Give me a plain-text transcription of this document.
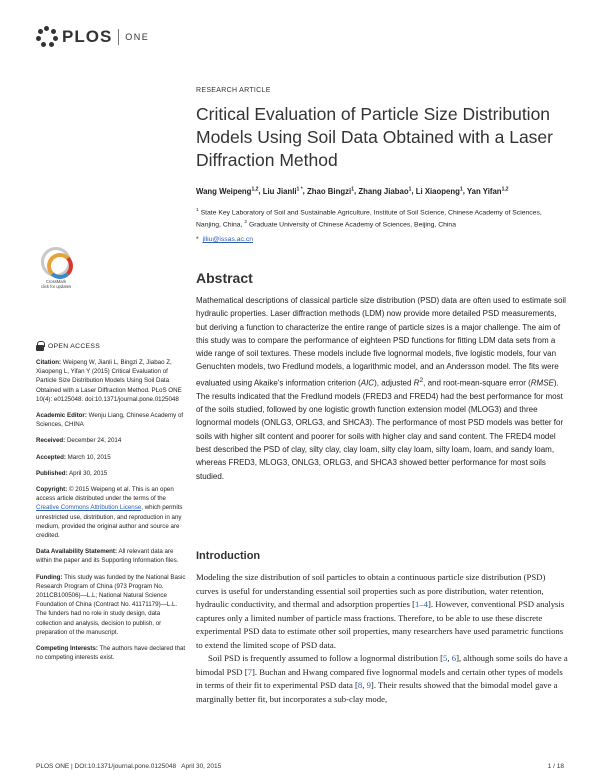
PLOS ONE
RESEARCH ARTICLE
Critical Evaluation of Particle Size Distribution Models Using Soil Data Obtained with a Laser Diffraction Method
Wang Weipeng$^{1,2}$, Liu Jianli$^{1 *}$, Zhao Bingzi$^1$, Zhang Jiabao$^1$, Li Xiaopeng$^1$, Yan Yifan$^{1,2}$
$^1$ State Key Laboratory of Soil and Sustainable Agriculture, Institute of Soil Science, Chinese Academy of Sciences, Nanjing, China, $^2$ Graduate University of Chinese Academy of Sciences, Beijing, China
* jlliu@issas.ac.cn
Abstract
Mathematical descriptions of classical particle size distribution (PSD) data are often used to estimate soil hydraulic properties. Laser diffraction methods (LDM) now provide more detailed PSD measurements, but deriving a function to characterize the entire range of particle sizes is a major challenge. The aim of this study was to compare the performance of eighteen PSD functions for fitting LDM data sets from a wide range of soil textures. These models include five lognormal models, five logistic models, four van Genuchten models, two Fredlund models, a logarithmic model, and an Andersson model. The fits were evaluated using Akaike's information criterion (AIC), adjusted $R^2$, and root-mean-square error (RMSE). The results indicated that the Fredlund models (FRED3 and FRED4) had the best performance for most of the soils studied, followed by one logistic growth function extension model (MLOG3) and three lognormal models (ONLG3, ORLG3, and SHCA3). The performance of most PSD models was better for soils with higher silt content and poorer for soils with higher clay and sand content. The FRED4 model best described the PSD of clay, silty clay, clay loam, silty clay loam, silty loam, loam, and sandy loam, whereas FRED3, MLOG3, ONLG3, ORLG3, and SHCA3 showed better performance for most soils studied.
Introduction

Modeling the size distribution of soil particles to obtain a continuous particle size distribution (PSD) curves is useful for understanding essential soil properties such as pore distribution, water retention, hydraulic conductivity, and thermal and adsorption properties [1–4]. However, conventional PSD analysis captures only a limited number of particle mass fractions. Therefore, to be able to use these discrete experimental PSD data to estimate other soil properties, many researchers have used parametric functions to extend the limited scope of PSD data.

Soil PSD is frequently assumed to follow a lognormal distribution [5, 6], although some soils do have a bimodal PSD [7]. Buchan and Hwang compared five lognormal models and certain other types of models in terms of their fit to experimental PSD data [8, 9]. Their results showed that the bimodal model gave a marginally better fit, but incorporates a sub-clay mode,

CrossMark
click for updates
OPEN ACCESS
Citation: Weipeng W, Jianli L, Bingzi Z, Jiabao Z, Xiaopeng L, Yifan Y (2015) Critical Evaluation of Particle Size Distribution Models Using Soil Data Obtained with a Laser Diffraction Method. PLoS ONE 10(4): e0125048. doi:10.1371/journal.pone.0125048
Academic Editor: Wenju Liang, Chinese Academy of Sciences, CHINA
Received: December 24, 2014
Accepted: March 10, 2015
Published: April 30, 2015
Copyright: © 2015 Weipeng et al. This is an open access article distributed under the terms of the Creative Commons Attribution License, which permits unrestricted use, distribution, and reproduction in any medium, provided the original author and source are credited.
Data Availability Statement: All relevant data are within the paper and its Supporting Information files.
Funding: This study was funded by the National Basic Research Program of China (973 Program No. 2011CB100506)—L.L; National Natural Science Foundation of China (Contract No. 41171179)—L.L. The funders had no role in study design, data collection and analysis, decision to publish, or preparation of the manuscript.
Competing Interests: The authors have declared that no competing interests exist.
PLOS ONE | DOI:10.1371/journal.pone.0125048   April 30, 2015	1 / 18
